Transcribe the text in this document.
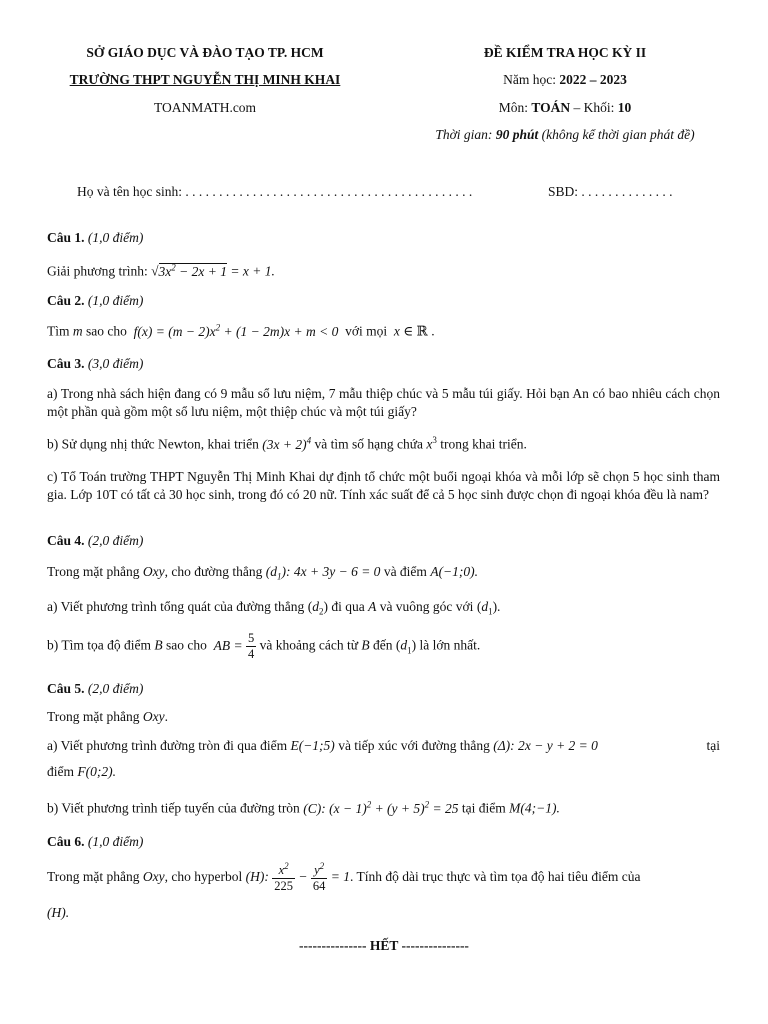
SỞ GIÁO DỤC VÀ ĐÀO TẠO TP. HCM
TRƯỜNG THPT NGUYỄN THỊ MINH KHAI
TOANMATH.com
ĐỀ KIỂM TRA HỌC KỲ II
Năm học: 2022 – 2023
Môn: TOÁN – Khối: 10
Thời gian: 90 phút (không kể thời gian phát đề)
Họ và tên học sinh: . . . . . . . . . . . . . . . . . . . . . . . . . . . . . . . . . . . . . . . . . . .	SBD: . . . . . . . . . . . . . .
Câu 1. (1,0 điểm)
Giải phương trình: $√3x^2 - 2x + 1 = x + 1$.
Câu 2. (1,0 điểm)
Tìm m sao cho $f(x) = (m - 2)x^2 + (1 - 2m)x + m < 0$ với mọi x ∈ ℝ .
Câu 3. (3,0 điểm)
a) Trong nhà sách hiện đang có 9 mẫu sổ lưu niệm, 7 mẫu thiệp chúc và 5 mẫu túi giấy. Hỏi bạn An có bao nhiêu cách chọn một phần quà gồm một sổ lưu niệm, một thiệp chúc và một túi giấy?
b) Sử dụng nhị thức Newton, khai triển $(3x + 2)^4$ và tìm số hạng chứa $x^3$ trong khai triển.
c) Tổ Toán trường THPT Nguyễn Thị Minh Khai dự định tổ chức một buổi ngoại khóa và mỗi lớp sẽ chọn 5 học sinh tham gia. Lớp 10T có tất cả 30 học sinh, trong đó có 20 nữ. Tính xác suất để cả 5 học sinh được chọn đi ngoại khóa đều là nam?
Câu 4. (2,0 điểm)
Trong mặt phẳng Oxy, cho đường thẳng $(d_1)$: 4x + 3y − 6 = 0 và điểm A(−1;0).
a) Viết phương trình tổng quát của đường thẳng $(d_2)$ đi qua A và vuông góc với $(d_1)$.
b) Tìm tọa độ điểm B sao cho AB = $\frac{5}{4}$ và khoảng cách từ B đến $(d_1)$ là lớn nhất.
Câu 5. (2,0 điểm)
Trong mặt phẳng Oxy.
a) Viết phương trình đường tròn đi qua điểm E(−1;5) và tiếp xúc với đường thẳng (Δ): 2x − y + 2 = 0	tại
điểm F(0;2).
b) Viết phương trình tiếp tuyến của đường tròn (C): $(x - 1)^2 + (y + 5)^2 = 25$ tại điểm M(4;−1).
Câu 6. (1,0 điểm)
Trong mặt phẳng Oxy, cho hyperbol (H): $\frac{x^2}{225} - \frac{y^2}{64} = 1$. Tính độ dài trục thực và tìm tọa độ hai tiêu điểm của
(H).
--------------- HẾT ---------------
